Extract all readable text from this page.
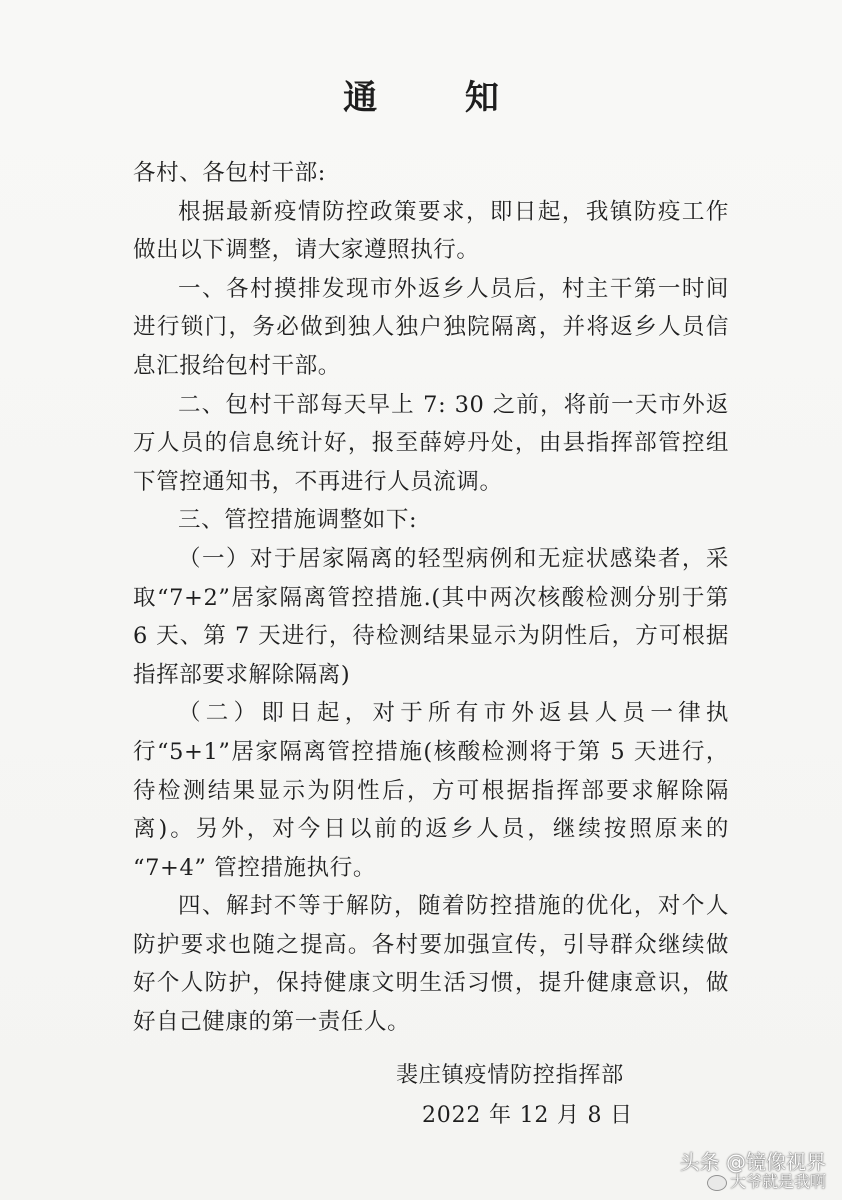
通 知

各村、各包村干部:

根据最新疫情防控政策要求，即日起，我镇防疫工作做出以下调整，请大家遵照执行。

一、各村摸排发现市外返乡人员后，村主干第一时间进行锁门，务必做到独人独户独院隔离，并将返乡人员信息汇报给包村干部。

二、包村干部每天早上 7: 30 之前，将前一天市外返万人员的信息统计好，报至薛婷丹处，由县指挥部管控组下管控通知书，不再进行人员流调。

三、管控措施调整如下:

（一）对于居家隔离的轻型病例和无症状感染者，采取“7+2”居家隔离管控措施.(其中两次核酸检测分别于第 6 天、第 7 天进行，待检测结果显示为阴性后，方可根据指挥部要求解除隔离)

（二）即日起，对于所有市外返县人员一律执行“5+1”居家隔离管控措施(核酸检测将于第 5 天进行，待检测结果显示为阴性后，方可根据指挥部要求解除隔离)。另外，对今日以前的返乡人员，继续按照原来的 “7+4” 管控措施执行。

四、解封不等于解防，随着防控措施的优化，对个人防护要求也随之提高。各村要加强宣传，引导群众继续做好个人防护，保持健康文明生活习惯，提升健康意识，做好自己健康的第一责任人。

裴庄镇疫情防控指挥部
2022 年 12 月 8 日
头条 @镜像视界
大爷就是我啊
